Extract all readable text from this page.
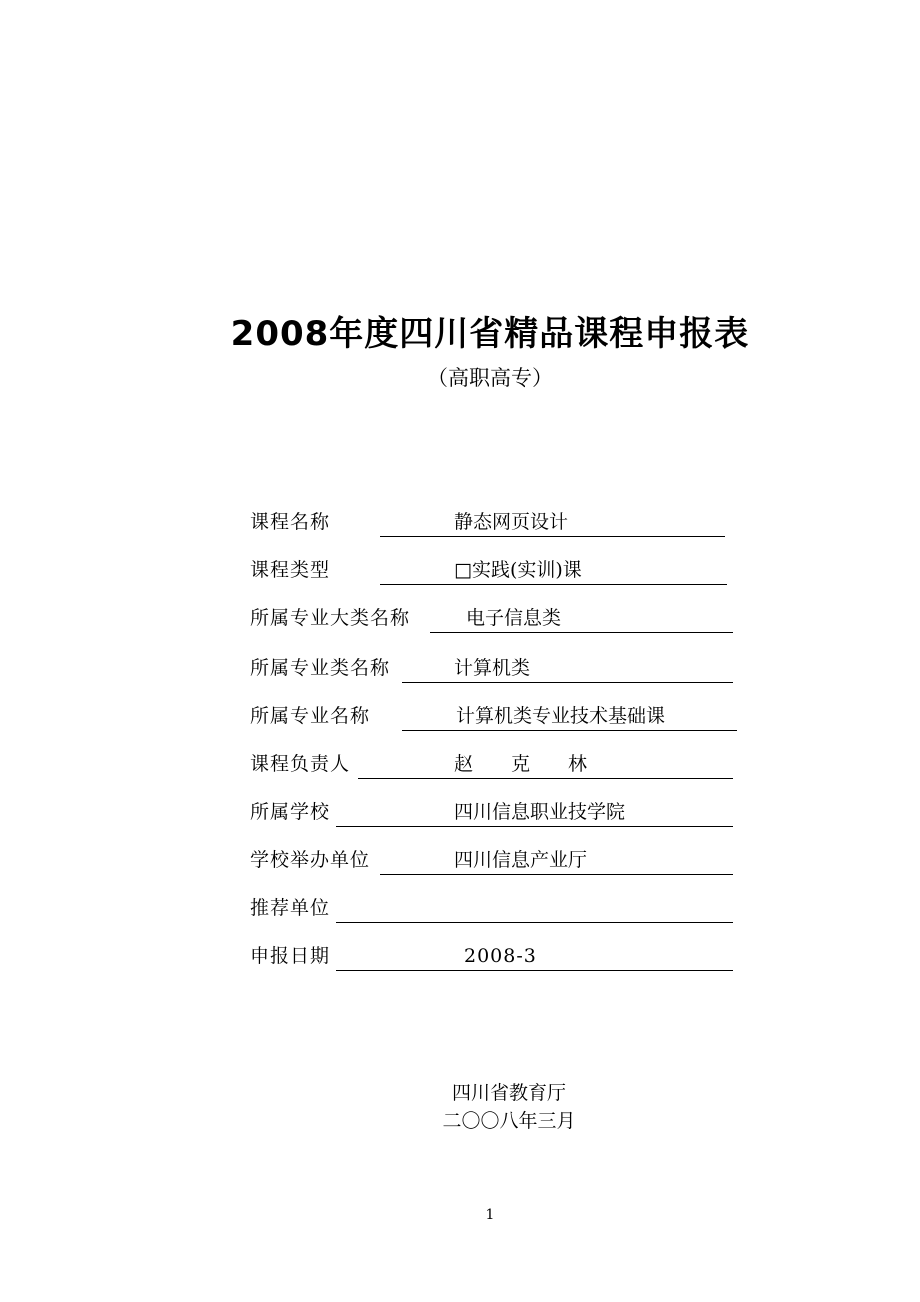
2008年度四川省精品课程申报表
（高职高专）
课程名称	静态网页设计
课程类型	□实践(实训)课
所属专业大类名称	电子信息类
所属专业类名称	计算机类
所属专业名称	计算机类专业技术基础课
课程负责人	赵　　克　　林
所属学校	四川信息职业技学院
学校举办单位	四川信息产业厅
推荐单位
申报日期	2008-3
四川省教育厅
二〇〇八年三月
1
